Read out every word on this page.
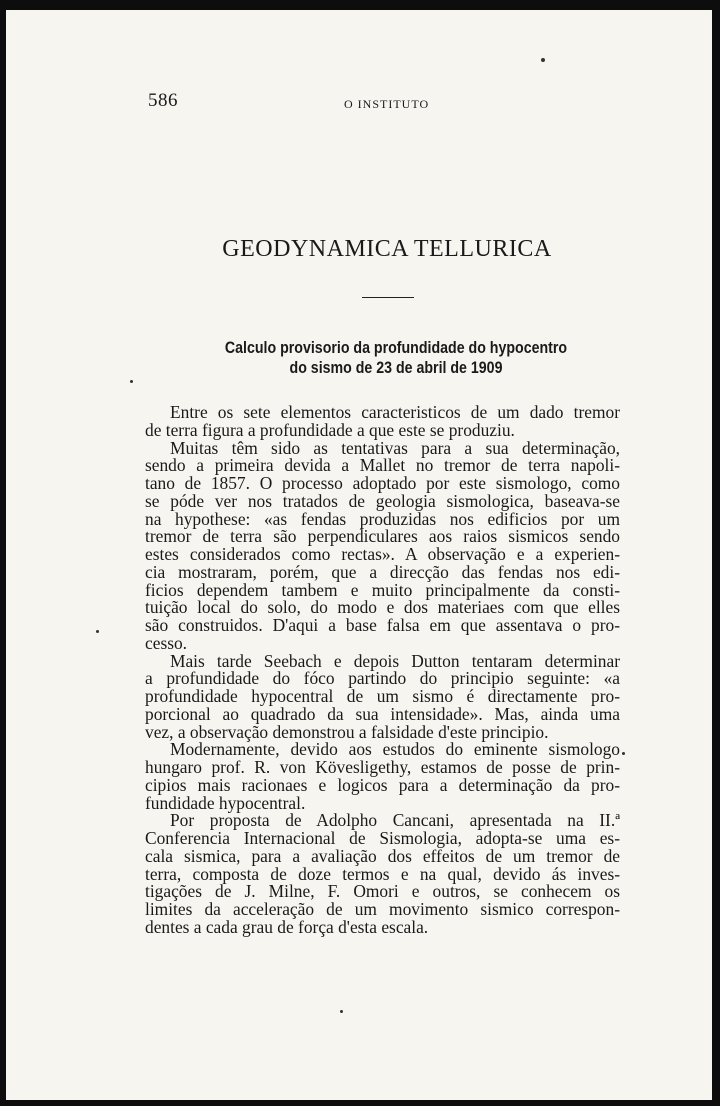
586	O INSTITUTO
GEODYNAMICA TELLURICA
Calculo provisorio da profundidade do hypocentro
do sismo de 23 de abril de 1909
Entre os sete elementos caracteristicos de um dado tremor
de terra figura a profundidade a que este se produziu.
Muitas têm sido as tentativas para a sua determinação,
sendo a primeira devida a Mallet no tremor de terra napoli-
tano de 1857. O processo adoptado por este sismologo, como
se póde ver nos tratados de geologia sismologica, baseava-se
na hypothese: «as fendas produzidas nos edificios por um
tremor de terra são perpendiculares aos raios sismicos sendo
estes considerados como rectas». A observação e a experien-
cia mostraram, porém, que a direcção das fendas nos edi-
ficios dependem tambem e muito principalmente da consti-
tuição local do solo, do modo e dos materiaes com que elles
são construidos. D'aqui a base falsa em que assentava o pro-
cesso.
Mais tarde Seebach e depois Dutton tentaram determinar
a profundidade do fóco partindo do principio seguinte: «a
profundidade hypocentral de um sismo é directamente pro-
porcional ao quadrado da sua intensidade». Mas, ainda uma
vez, a observação demonstrou a falsidade d'este principio.
Modernamente, devido aos estudos do eminente sismologo
hungaro prof. R. von Kövesligethy, estamos de posse de prin-
cipios mais racionaes e logicos para a determinação da pro-
fundidade hypocentral.
Por proposta de Adolpho Cancani, apresentada na II.ª
Conferencia Internacional de Sismologia, adopta-se uma es-
cala sismica, para a avaliação dos effeitos de um tremor de
terra, composta de doze termos e na qual, devido ás inves-
tigações de J. Milne, F. Omori e outros, se conhecem os
limites da acceleração de um movimento sismico correspon-
dentes a cada grau de força d'esta escala.
